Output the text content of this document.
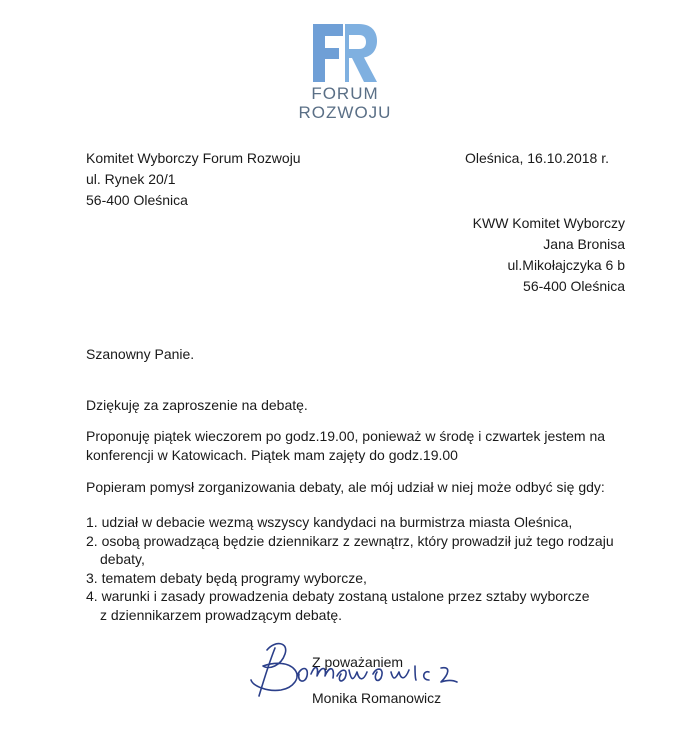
FORUM
ROZWOJU
Komitet Wyborczy Forum Rozwoju
ul. Rynek 20/1
56-400 Oleśnica
Oleśnica, 16.10.2018 r.
KWW Komitet Wyborczy
Jana Bronisa
ul.Mikołajczyka 6 b
56-400 Oleśnica
Szanowny Panie.
Dziękuję za zaproszenie na debatę.
Proponuję piątek wieczorem po godz.19.00, ponieważ w środę i czwartek jestem na
konferencji w Katowicach. Piątek mam zajęty do godz.19.00
Popieram pomysł zorganizowania debaty, ale mój udział w niej może odbyć się gdy:
1. udział w debacie wezmą wszyscy kandydaci na burmistrza miasta Oleśnica,
2. osobą prowadzącą będzie dziennikarz z zewnątrz, który prowadził już tego rodzaju
debaty,
3. tematem debaty będą programy wyborcze,
4. warunki i zasady prowadzenia debaty zostaną ustalone przez sztaby wyborcze
z dziennikarzem prowadzącym debatę.
Z poważaniem
Monika Romanowicz
